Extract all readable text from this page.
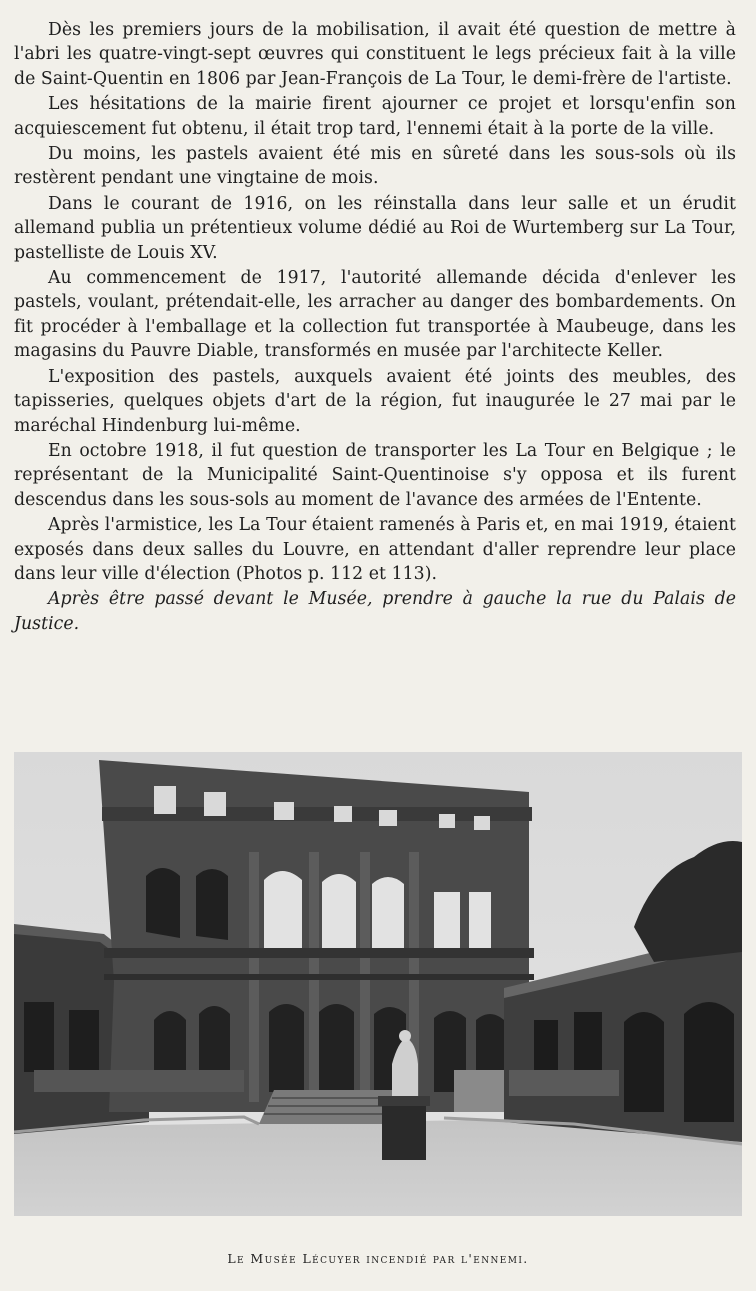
Dès les premiers jours de la mobilisation, il avait été question de mettre à l'abri les quatre-vingt-sept œuvres qui constituent le legs précieux fait à la ville de Saint-Quentin en 1806 par Jean-François de La Tour, le demi-frère de l'artiste.

Les hésitations de la mairie firent ajourner ce projet et lorsqu'enfin son acquiescement fut obtenu, il était trop tard, l'ennemi était à la porte de la ville.

Du moins, les pastels avaient été mis en sûreté dans les sous-sols où ils restèrent pendant une vingtaine de mois.

Dans le courant de 1916, on les réinstalla dans leur salle et un érudit allemand publia un prétentieux volume dédié au Roi de Wurtemberg sur La Tour, pastelliste de Louis XV.

Au commencement de 1917, l'autorité allemande décida d'enlever les pastels, voulant, prétendait-elle, les arracher au danger des bombardements. On fit procéder à l'emballage et la collection fut transportée à Maubeuge, dans les magasins du Pauvre Diable, transformés en musée par l'architecte Keller.

L'exposition des pastels, auxquels avaient été joints des meubles, des tapisseries, quelques objets d'art de la région, fut inaugurée le 27 mai par le maréchal Hindenburg lui-même.

En octobre 1918, il fut question de transporter les La Tour en Belgique ; le représentant de la Municipalité Saint-Quentinoise s'y opposa et ils furent descendus dans les sous-sols au moment de l'avance des armées de l'Entente.

Après l'armistice, les La Tour étaient ramenés à Paris et, en mai 1919, étaient exposés dans deux salles du Louvre, en attendant d'aller reprendre leur place dans leur ville d'élection (Photos p. 112 et 113).

Après être passé devant le Musée, prendre à gauche la rue du Palais de Justice.

Le Musée Lécuyer incendié par l'ennemi.
